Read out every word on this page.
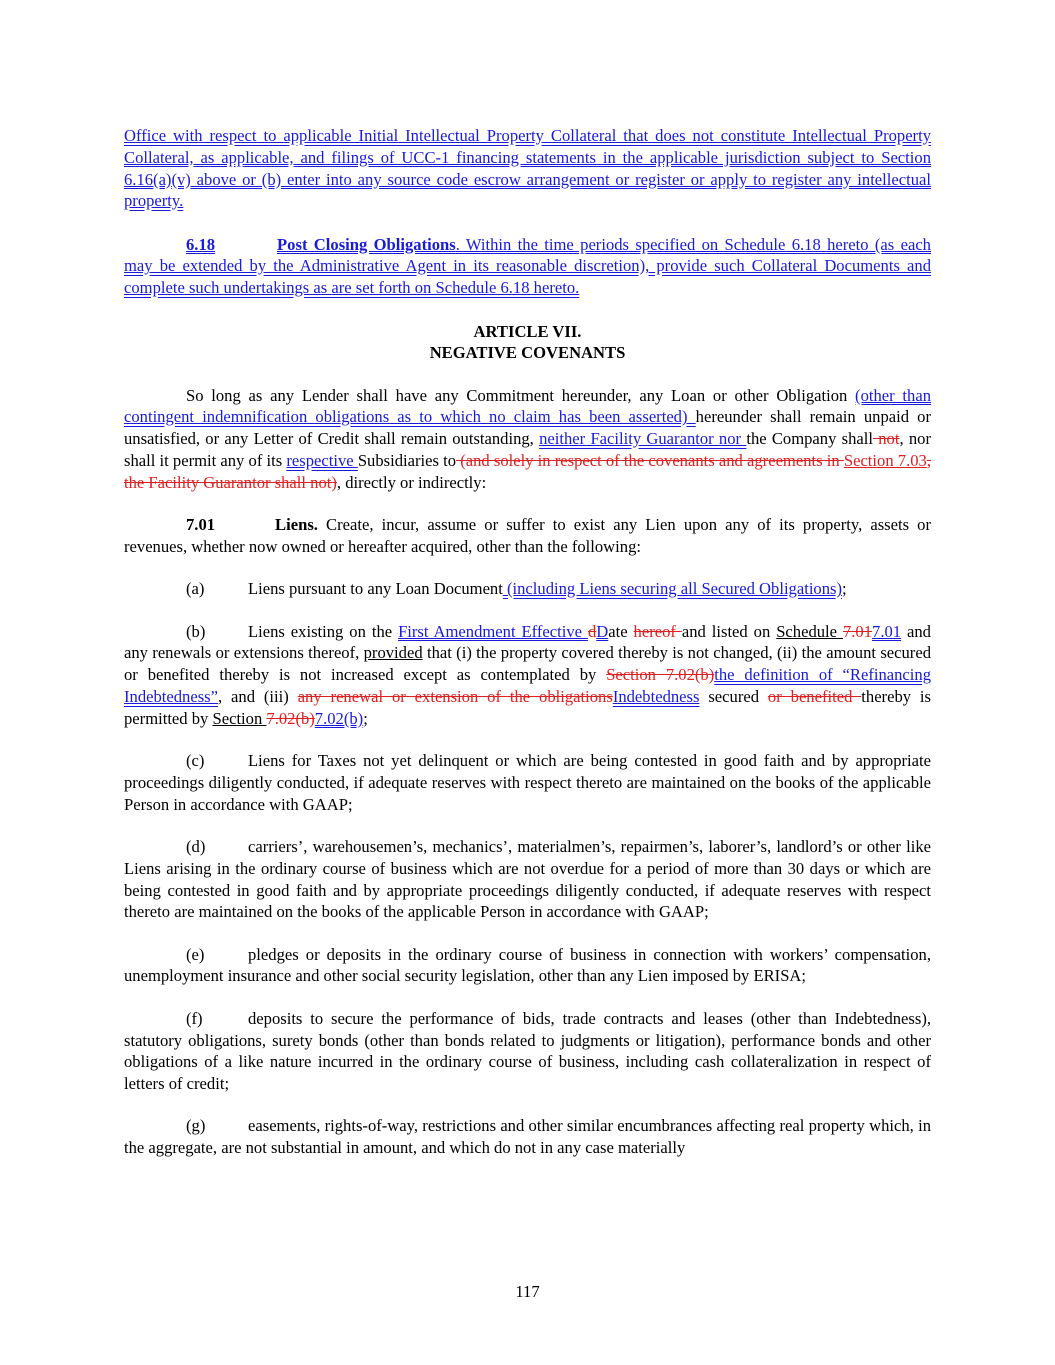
Office with respect to applicable Initial Intellectual Property Collateral that does not constitute Intellectual Property Collateral, as applicable, and filings of UCC-1 financing statements in the applicable jurisdiction subject to Section 6.16(a)(v) above or (b) enter into any source code escrow arrangement or register or apply to register any intellectual property.

6.18	Post Closing Obligations. Within the time periods specified on Schedule 6.18 hereto (as each may be extended by the Administrative Agent in its reasonable discretion), provide such Collateral Documents and complete such undertakings as are set forth on Schedule 6.18 hereto.

ARTICLE VII.
NEGATIVE COVENANTS

So long as any Lender shall have any Commitment hereunder, any Loan or other Obligation (other than contingent indemnification obligations as to which no claim has been asserted) hereunder shall remain unpaid or unsatisfied, or any Letter of Credit shall remain outstanding, neither Facility Guarantor nor the Company shall not, nor shall it permit any of its respective Subsidiaries to (and solely in respect of the covenants and agreements in Section 7.03, the Facility Guarantor shall not), directly or indirectly:

7.01	Liens. Create, incur, assume or suffer to exist any Lien upon any of its property, assets or revenues, whether now owned or hereafter acquired, other than the following:

(a)	Liens pursuant to any Loan Document (including Liens securing all Secured Obligations);

(b)	Liens existing on the First Amendment Effective dDate hereof and listed on Schedule 7.017.01 and any renewals or extensions thereof, provided that (i) the property covered thereby is not changed, (ii) the amount secured or benefited thereby is not increased except as contemplated by Section 7.02(b)the definition of “Refinancing Indebtedness”, and (iii) any renewal or extension of the obligationsIndebtedness secured or benefited thereby is permitted by Section 7.02(b)7.02(b);

(c)	Liens for Taxes not yet delinquent or which are being contested in good faith and by appropriate proceedings diligently conducted, if adequate reserves with respect thereto are maintained on the books of the applicable Person in accordance with GAAP;

(d)	carriers’, warehousemen’s, mechanics’, materialmen’s, repairmen’s, laborer’s, landlord’s or other like Liens arising in the ordinary course of business which are not overdue for a period of more than 30 days or which are being contested in good faith and by appropriate proceedings diligently conducted, if adequate reserves with respect thereto are maintained on the books of the applicable Person in accordance with GAAP;

(e)	pledges or deposits in the ordinary course of business in connection with workers’ compensation, unemployment insurance and other social security legislation, other than any Lien imposed by ERISA;

(f)	deposits to secure the performance of bids, trade contracts and leases (other than Indebtedness), statutory obligations, surety bonds (other than bonds related to judgments or litigation), performance bonds and other obligations of a like nature incurred in the ordinary course of business, including cash collateralization in respect of letters of credit;

(g)	easements, rights-of-way, restrictions and other similar encumbrances affecting real property which, in the aggregate, are not substantial in amount, and which do not in any case materially

117
